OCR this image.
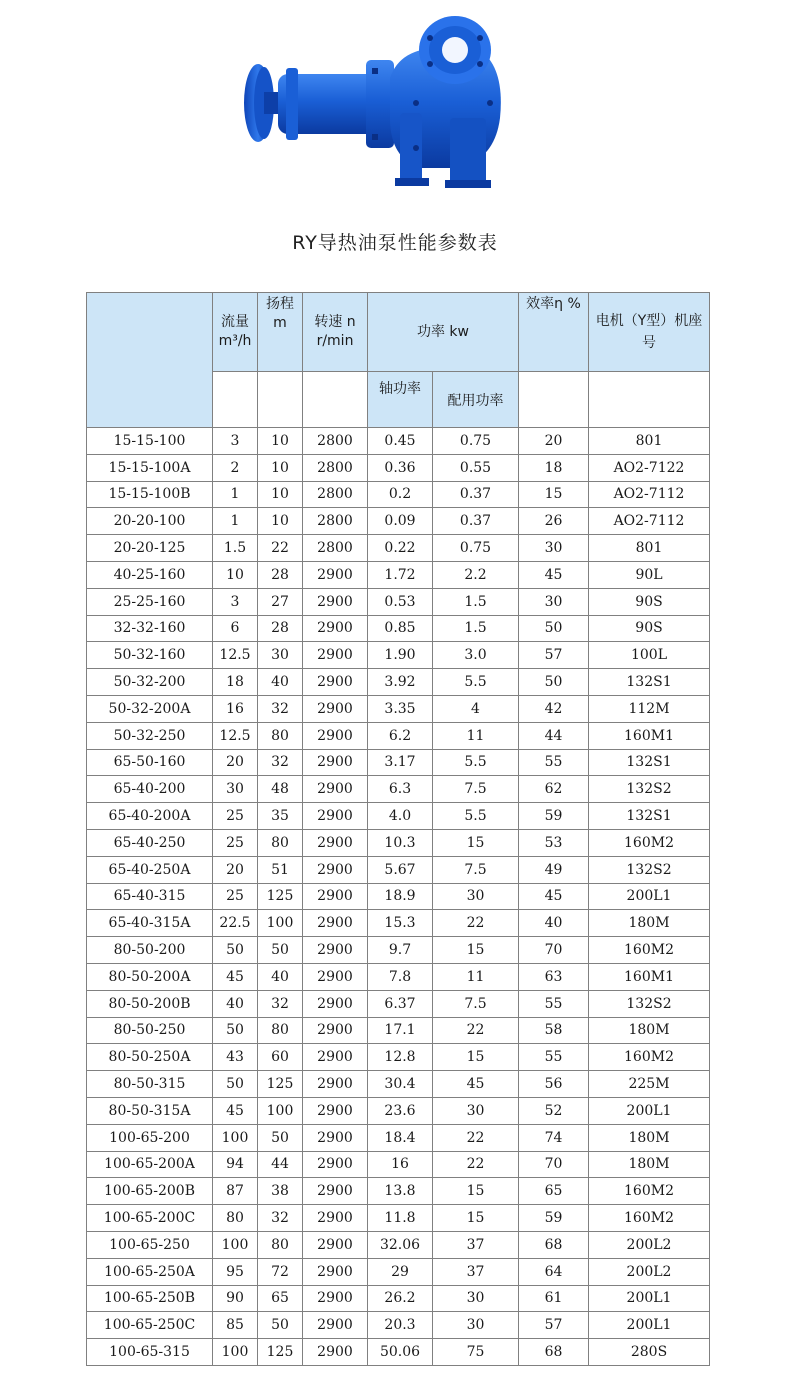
RY导热油泵性能参数表
	流量 m³/h	扬程 m	转速 n r/min	功率 kw		效率η %	电机（Y型）机座号
				轴功率	配用功率		
15-15-100	3	10	2800	0.45	0.75	20	801
15-15-100A	2	10	2800	0.36	0.55	18	AO2-7122
15-15-100B	1	10	2800	0.2	0.37	15	AO2-7112
20-20-100	1	10	2800	0.09	0.37	26	AO2-7112
20-20-125	1.5	22	2800	0.22	0.75	30	801
40-25-160	10	28	2900	1.72	2.2	45	90L
25-25-160	3	27	2900	0.53	1.5	30	90S
32-32-160	6	28	2900	0.85	1.5	50	90S
50-32-160	12.5	30	2900	1.90	3.0	57	100L
50-32-200	18	40	2900	3.92	5.5	50	132S1
50-32-200A	16	32	2900	3.35	4	42	112M
50-32-250	12.5	80	2900	6.2	11	44	160M1
65-50-160	20	32	2900	3.17	5.5	55	132S1
65-40-200	30	48	2900	6.3	7.5	62	132S2
65-40-200A	25	35	2900	4.0	5.5	59	132S1
65-40-250	25	80	2900	10.3	15	53	160M2
65-40-250A	20	51	2900	5.67	7.5	49	132S2
65-40-315	25	125	2900	18.9	30	45	200L1
65-40-315A	22.5	100	2900	15.3	22	40	180M
80-50-200	50	50	2900	9.7	15	70	160M2
80-50-200A	45	40	2900	7.8	11	63	160M1
80-50-200B	40	32	2900	6.37	7.5	55	132S2
80-50-250	50	80	2900	17.1	22	58	180M
80-50-250A	43	60	2900	12.8	15	55	160M2
80-50-315	50	125	2900	30.4	45	56	225M
80-50-315A	45	100	2900	23.6	30	52	200L1
100-65-200	100	50	2900	18.4	22	74	180M
100-65-200A	94	44	2900	16	22	70	180M
100-65-200B	87	38	2900	13.8	15	65	160M2
100-65-200C	80	32	2900	11.8	15	59	160M2
100-65-250	100	80	2900	32.06	37	68	200L2
100-65-250A	95	72	2900	29	37	64	200L2
100-65-250B	90	65	2900	26.2	30	61	200L1
100-65-250C	85	50	2900	20.3	30	57	200L1
100-65-315	100	125	2900	50.06	75	68	280S
